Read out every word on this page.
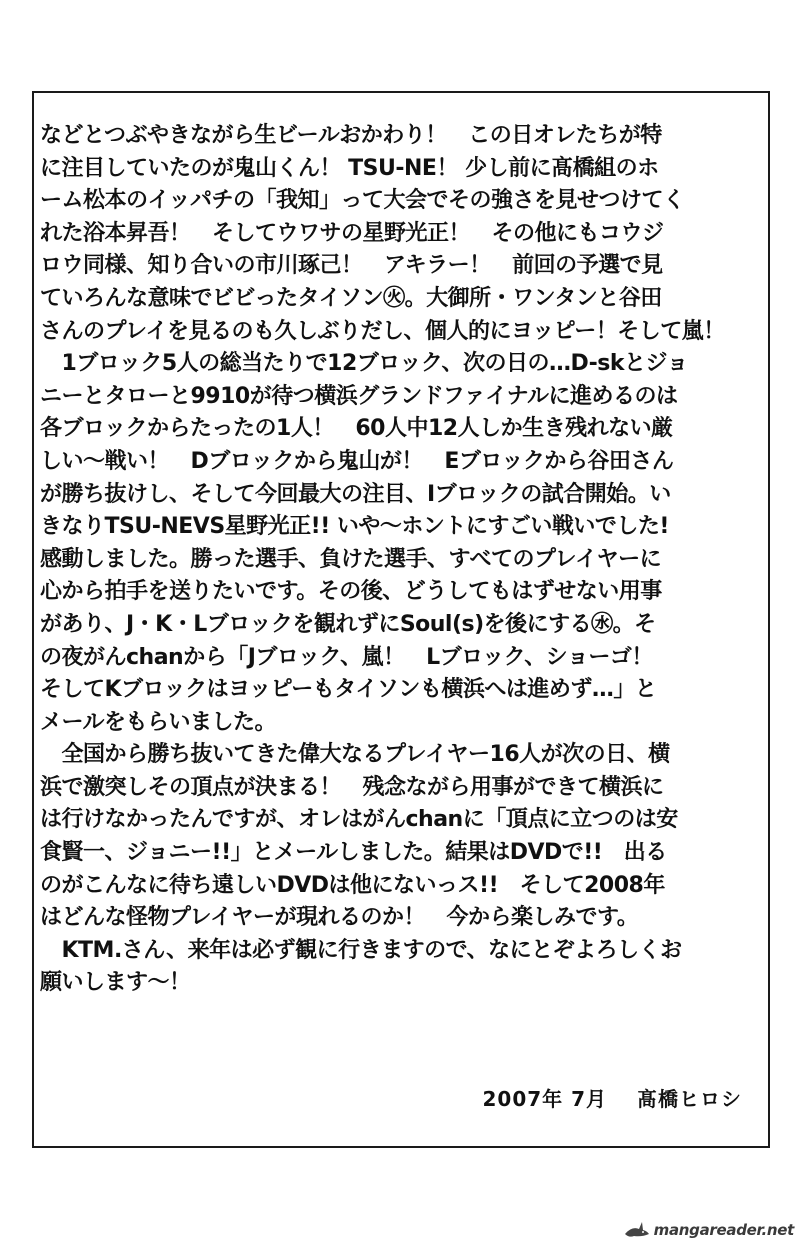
などとつぶやきながら生ビールおかわり！　この日オレたちが特
に注目していたのが鬼山くん！ TSU-NE！ 少し前に髙橋組のホ
ーム松本のイッパチの「我知」って大会でその強さを見せつけてく
れた浴本昇吾！　そしてウワサの星野光正！　その他にもコウジ
ロウ同様、知り合いの市川琢己！　アキラー！　前回の予選で見
ていろんな意味でビビったタイソン㊋。大御所・ワンタンと谷田
さんのプレイを見るのも久しぶりだし、個人的にヨッピー！そして嵐！
　1ブロック5人の総当たりで12ブロック、次の日の…D-skとジョ
ニーとタローと9910が待つ横浜グランドファイナルに進めるのは
各ブロックからたったの1人！　60人中12人しか生き残れない厳
しい〜戦い！　Dブロックから鬼山が！　Eブロックから谷田さん
が勝ち抜けし、そして今回最大の注目、Iブロックの試合開始。い
きなりTSU-NEVS星野光正!! いや〜ホントにすごい戦いでした!
感動しました。勝った選手、負けた選手、すべてのプレイヤーに
心から拍手を送りたいです。その後、どうしてもはずせない用事
があり、J・K・Lブロックを観れずにSoul(s)を後にする㊌。そ
の夜がんchanから「Jブロック、嵐！　Lブロック、ショーゴ！
そしてKブロックはヨッピーもタイソンも横浜へは進めず…」と
メールをもらいました。
　全国から勝ち抜いてきた偉大なるプレイヤー16人が次の日、横
浜で激突しその頂点が決まる！　残念ながら用事ができて横浜に
は行けなかったんですが、オレはがんchanに「頂点に立つのは安
食賢一、ジョニー!!」とメールしました。結果はDVDで!!　出る
のがこんなに待ち遠しいDVDは他にないっス!!　そして2008年
はどんな怪物プレイヤーが現れるのか！　今から楽しみです。
　KTM.さん、来年は必ず観に行きますので、なにとぞよろしくお
願いします〜！
2007年 7月 髙橋ヒロシ
mangareader.net
